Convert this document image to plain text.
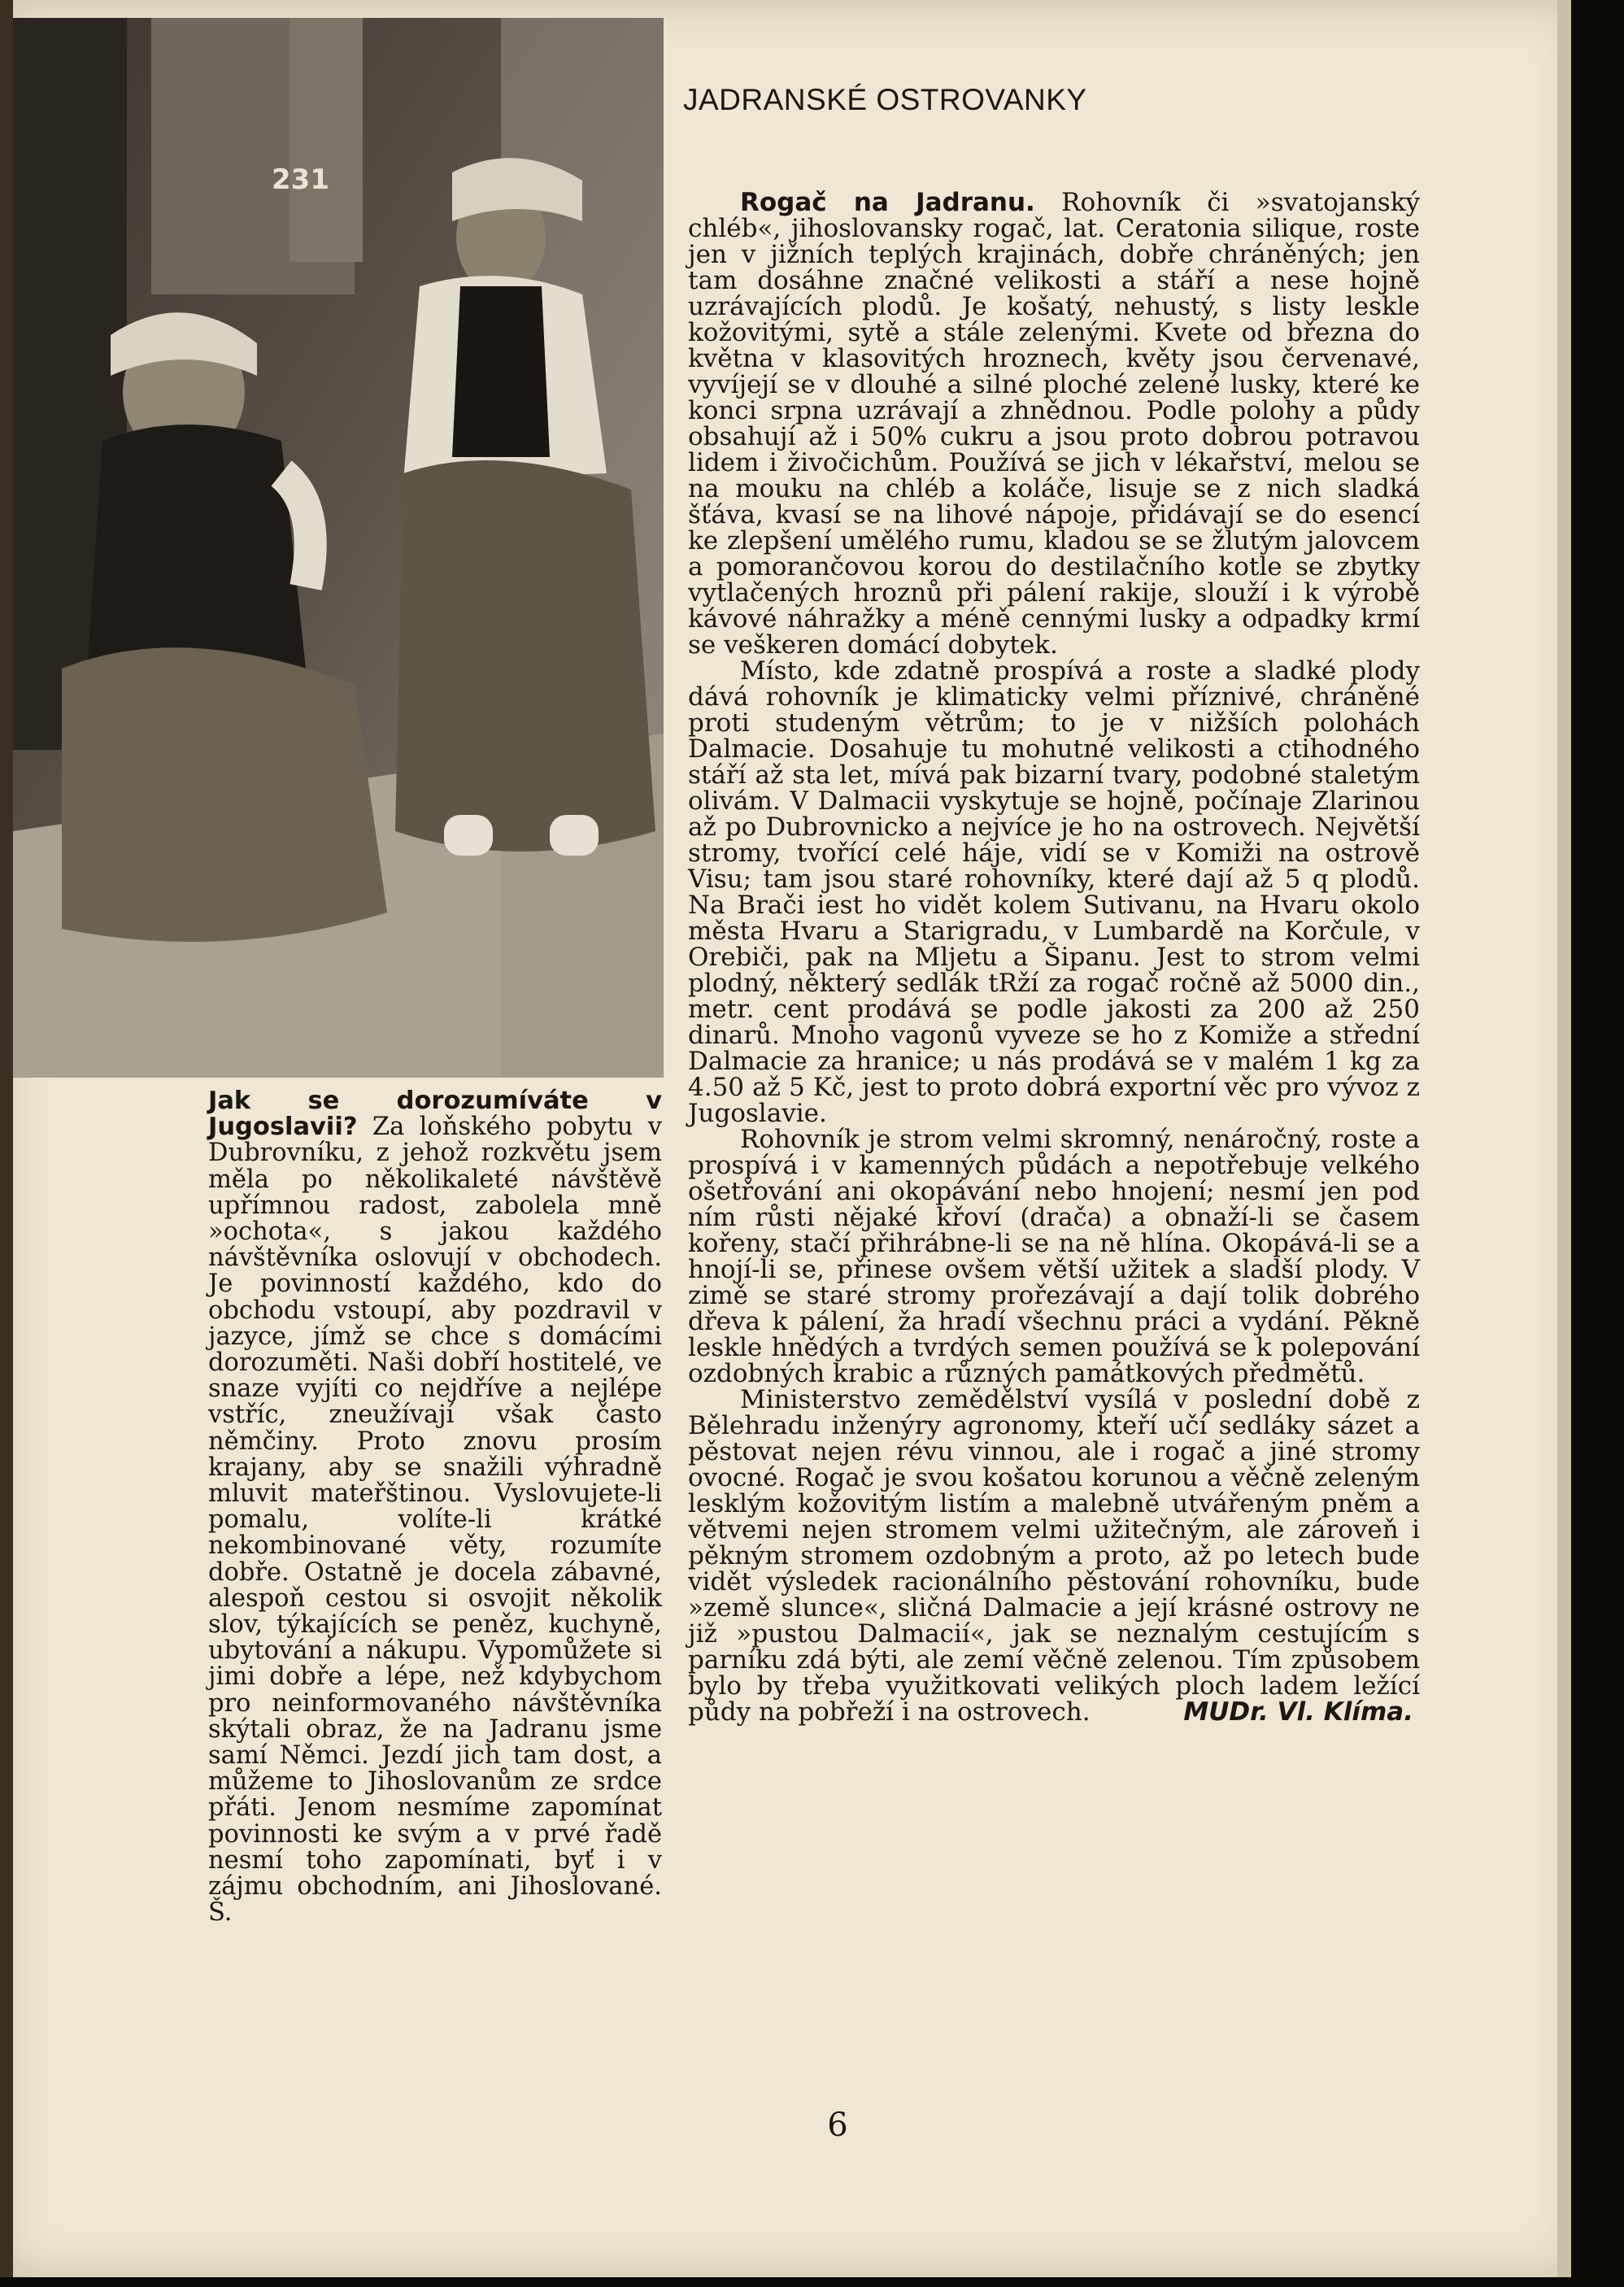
231
JADRANSKÉ OSTROVANKY

Rogač na Jadranu. Rohovník či »svatojanský chléb«, jihoslovansky rogač, lat. Ceratonia silique, roste jen v jižních teplých krajinách, dobře chráněných; jen tam dosáhne značné velikosti a stáří a nese hojně uzrávajících plodů. Je košatý, nehustý, s listy leskle kožovitými, sytě a stále zelenými. Kvete od března do května v klasovitých hroznech, květy jsou červenavé, vyvíjejí se v dlouhé a silné ploché zelené lusky, které ke konci srpna uzrávají a zhnědnou. Podle polohy a půdy obsahují až i 50% cukru a jsou proto dobrou potravou lidem i živočichům. Používá se jich v lékařství, melou se na mouku na chléb a koláče, lisuje se z nich sladká šťáva, kvasí se na lihové nápoje, přidávají se do esencí ke zlepšení umělého rumu, kladou se se žlutým jalovcem a pomorančovou korou do destilačního kotle se zbytky vytlačených hroznů při pálení rakije, slouží i k výrobě kávové náhražky a méně cennými lusky a odpadky krmí se veškeren domácí dobytek.

Místo, kde zdatně prospívá a roste a sladké plody dává rohovník je klimaticky velmi příznivé, chráněné proti studeným větrům; to je v nižších polohách Dalmacie. Dosahuje tu mohutné velikosti a ctihodného stáří až sta let, mívá pak bizarní tvary, podobné staletým olivám. V Dalmacii vyskytuje se hojně, počínaje Zlarinou až po Dubrovnicko a nejvíce je ho na ostrovech. Největší stromy, tvořící celé háje, vidí se v Komiži na ostrově Visu; tam jsou staré rohovníky, které dají až 5 q plodů. Na Brači iest ho vidět kolem Sutivanu, na Hvaru okolo města Hvaru a Starigradu, v Lumbardě na Korčule, v Orebiči, pak na Mljetu a Šipanu. Jest to strom velmi plodný, některý sedlák tRží za rogač ročně až 5000 din., metr. cent prodává se podle jakosti za 200 až 250 dinarů. Mnoho vagonů vyveze se ho z Komiže a střední Dalmacie za hranice; u nás prodává se v malém 1 kg za 4.50 až 5 Kč, jest to proto dobrá exportní věc pro vývoz z Jugoslavie.

Rohovník je strom velmi skromný, nenáročný, roste a prospívá i v kamenných půdách a nepotřebuje velkého ošetřování ani okopávání nebo hnojení; nesmí jen pod ním růsti nějaké křoví (drača) a obnaží-li se časem kořeny, stačí přihrábne-li se na ně hlína. Okopává-li se a hnojí-li se, přinese ovšem větší užitek a sladší plody. V zimě se staré stromy prořezávají a dají tolik dobrého dřeva k pálení, ža hradí všechnu práci a vydání. Pěkně leskle hnědých a tvrdých semen používá se k polepování ozdobných krabic a různých památkových předmětů.

Ministerstvo zemědělství vysílá v poslední době z Bělehradu inženýry agronomy, kteří učí sedláky sázet a pěstovat nejen révu vinnou, ale i rogač a jiné stromy ovocné. Rogač je svou košatou korunou a věčně zeleným lesklým kožovitým listím a malebně utvářeným pněm a větvemi nejen stromem velmi užitečným, ale zároveň i pěkným stromem ozdobným a proto, až po letech bude vidět výsledek racionálního pěstování rohovníku, bude »země slunce«, sličná Dalmacie a její krásné ostrovy ne již »pustou Dalmacií«, jak se neznalým cestujícím s parníku zdá býti, ale zemí věčně zelenou. Tím způsobem bylo by třeba využitkovati velikých ploch ladem ležící půdy na pobřeží i na ostrovech.	MUDr. Vl. Klíma.

Jak se dorozumíváte v Jugoslavii? Za loňského pobytu v Dubrovníku, z jehož rozkvětu jsem měla po několikaleté návštěvě upřímnou radost, zabolela mně »ochota«, s jakou každého návštěvníka oslovují v obchodech. Je povinností každého, kdo do obchodu vstoupí, aby pozdravil v jazyce, jímž se chce s domácími dorozuměti. Naši dobří hostitelé, ve snaze vyjíti co nejdříve a nejlépe vstříc, zneužívají však často němčiny. Proto znovu prosím krajany, aby se snažili výhradně mluvit mateřštinou. Vyslovujete-li pomalu, volíte-li krátké nekombinované věty, rozumíte dobře. Ostatně je docela zábavné, alespoň cestou si osvojit několik slov, týkajících se peněz, kuchyně, ubytování a nákupu. Vypomůžete si jimi dobře a lépe, než kdybychom pro neinformovaného návštěvníka skýtali obraz, že na Jadranu jsme samí Němci. Jezdí jich tam dost, a můžeme to Jihoslovanům ze srdce přáti. Jenom nesmíme zapomínat povinnosti ke svým a v prvé řadě nesmí toho zapomínati, byť i v zájmu obchodním, ani Jihoslované. Š.

6
